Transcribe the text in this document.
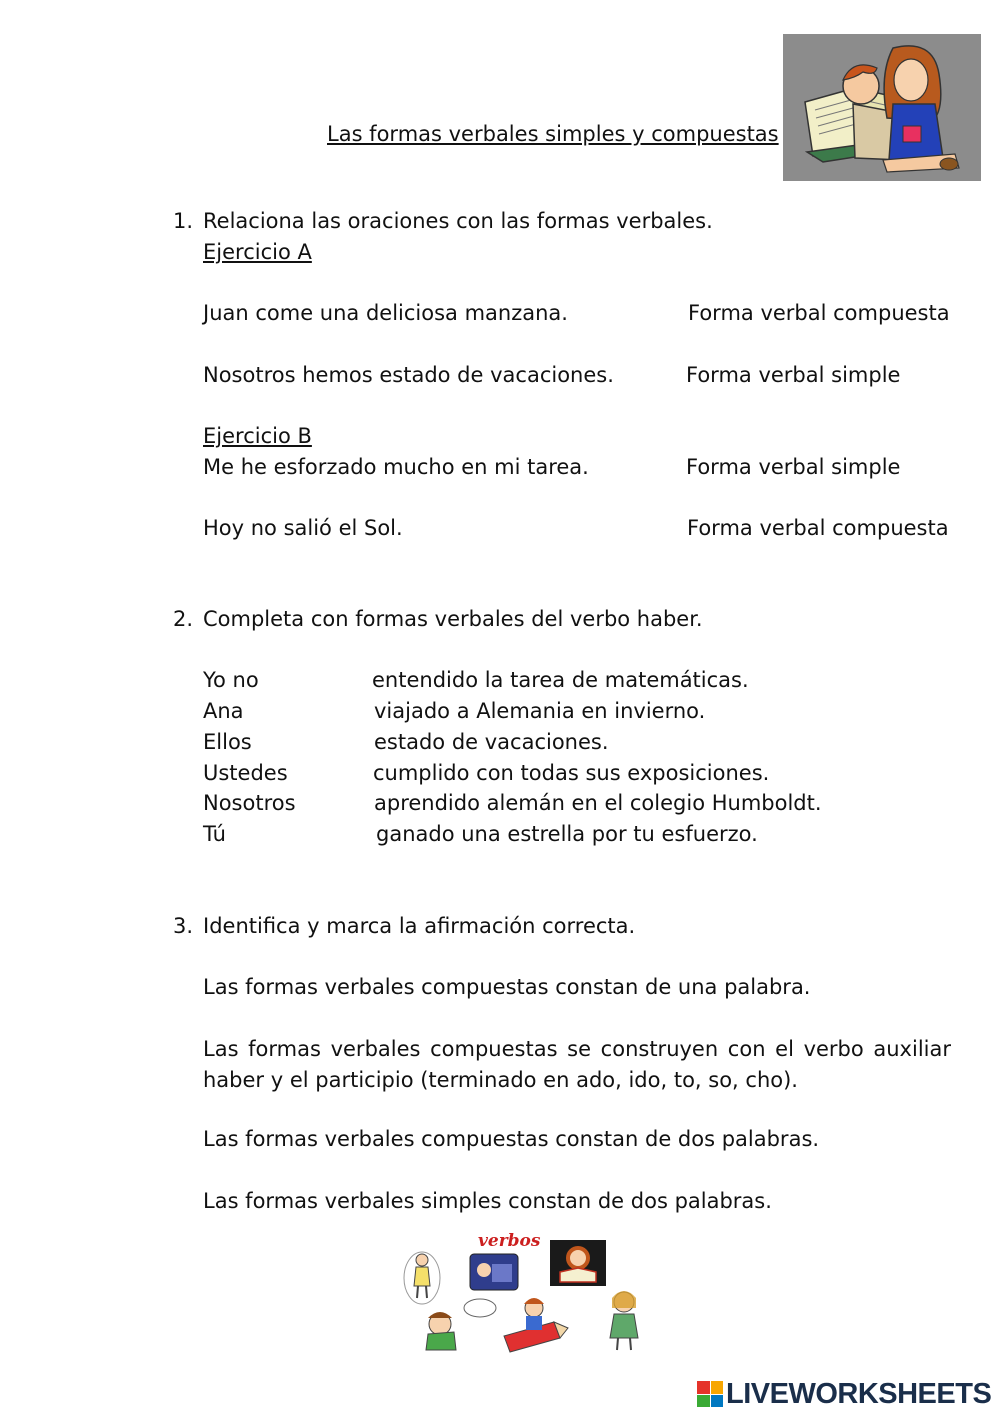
Las formas verbales simples y compuestas
1. Relaciona las oraciones con las formas verbales.
Ejercicio A
Juan come una deliciosa manzana.	Forma verbal compuesta
Nosotros hemos estado de vacaciones.	Forma verbal simple
Ejercicio B
Me he esforzado mucho en mi tarea.	Forma verbal simple
Hoy no salió el Sol.	Forma verbal compuesta
2. Completa con formas verbales del verbo haber.
Yo no	entendido la tarea de matemáticas.
Ana	viajado a Alemania en invierno.
Ellos	estado de vacaciones.
Ustedes	cumplido con todas sus exposiciones.
Nosotros	aprendido alemán en el colegio Humboldt.
Tú	ganado una estrella por tu esfuerzo.
3. Identifica y marca la afirmación correcta.
Las formas verbales compuestas constan de una palabra.
Las formas verbales compuestas se construyen con el verbo auxiliar haber y el participio (terminado en ado, ido, to, so, cho).
Las formas verbales compuestas constan de dos palabras.
Las formas verbales simples constan de dos palabras.
verbos
LIVEWORKSHEETS
